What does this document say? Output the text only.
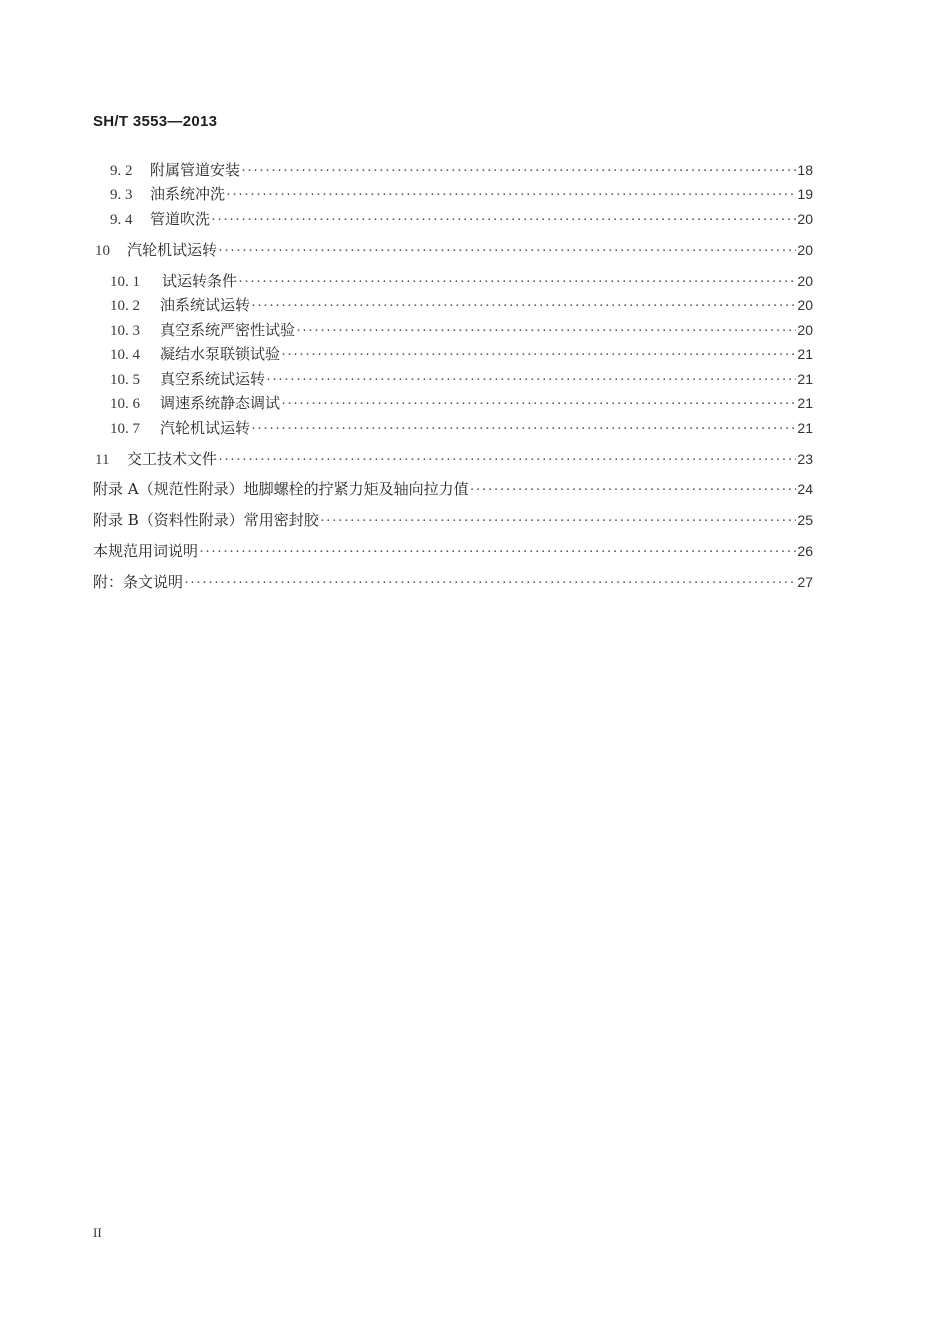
SH/T 3553—2013
9. 2	附属管道安装 ·····	18
9. 3	油系统冲洗 ·····	19
9. 4	管道吹洗 ·····	20
10	汽轮机试运转 ·····	20
10. 1	试运转条件 ·····	20
10. 2	油系统试运转 ·····	20
10. 3	真空系统严密性试验 ·····	20
10. 4	凝结水泵联锁试验 ·····	21
10. 5	真空系统试运转 ·····	21
10. 6	调速系统静态调试 ·····	21
10. 7	汽轮机试运转 ·····	21
11	交工技术文件 ·····	23
附录 A（规范性附录）地脚螺栓的拧紧力矩及轴向拉力值 ·····	24
附录 B（资料性附录）常用密封胶 ·····	25
本规范用词说明 ·····	26
附：条文说明 ·····	27
II
